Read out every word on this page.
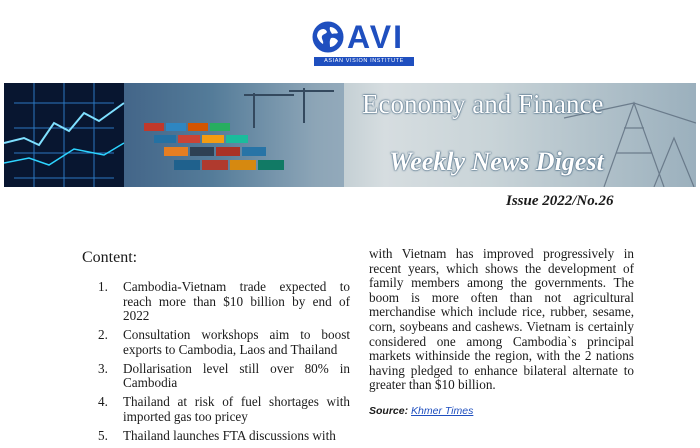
AVI
ASIAN VISION INSTITUTE
Economy and Finance
Weekly News Digest
Issue 2022/No.26
Content:
1.	Cambodia-Vietnam trade expected to reach more than $10 billion by end of 2022
2.	Consultation workshops aim to boost exports to Cambodia, Laos and Thailand
3.	Dollarisation level still over 80% in Cambodia
4.	Thailand at risk of fuel shortages with imported gas too pricey
5.	Thailand launches FTA discussions with

with Vietnam has improved progressively in recent years, which shows the development of family members among the governments. The boom is more often than not agricultural merchandise which include rice, rubber, sesame, corn, soybeans and cashews. Vietnam is certainly considered one among Cambodia`s principal markets withinside the region, with the 2 nations having pledged to enhance bilateral alternate to greater than $10 billion.

Source: Khmer Times
